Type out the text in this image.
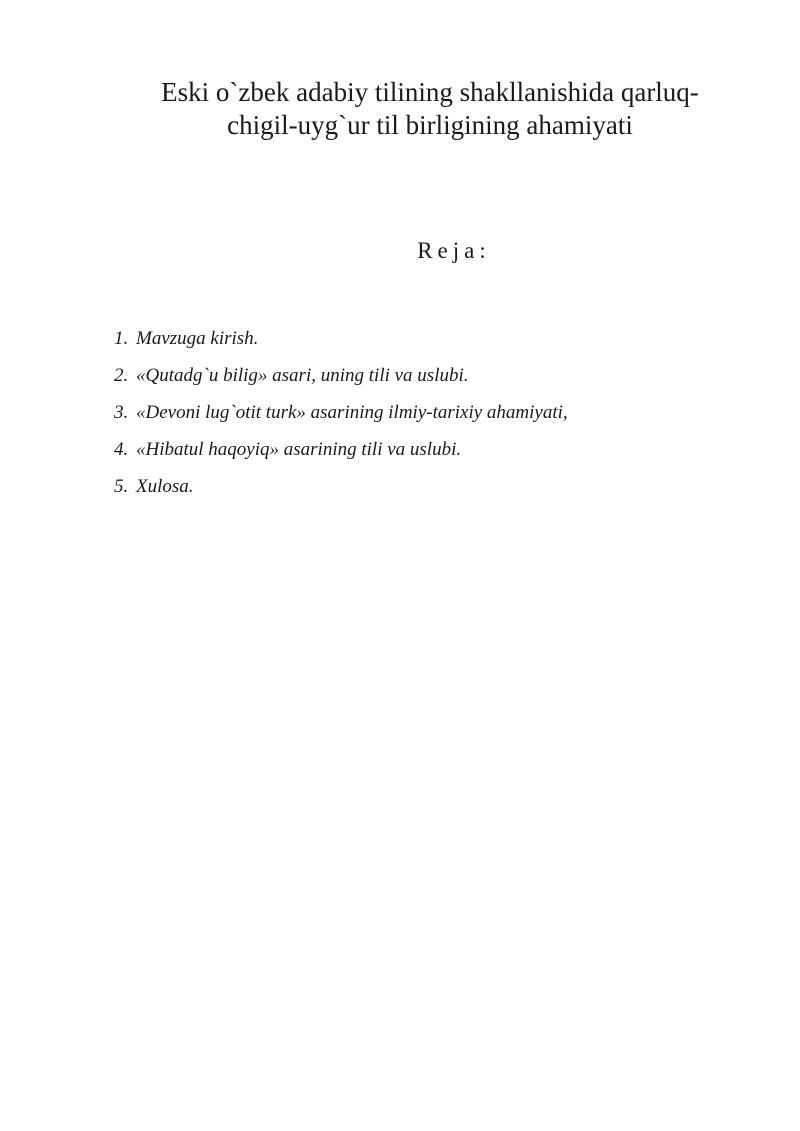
Eski o`zbek adabiy tilining shakllanishida qarluq-
chigil-uyg`ur til birligining ahamiyati

Reja:

1. Mavzuga kirish.
2. «Qutadg`u bilig» asari, uning tili va uslubi.
3. «Devoni lug`otit turk» asarining ilmiy-tarixiy ahamiyati,
4. «Hibatul haqoyiq» asarining tili va uslubi.
5. Xulosa.
